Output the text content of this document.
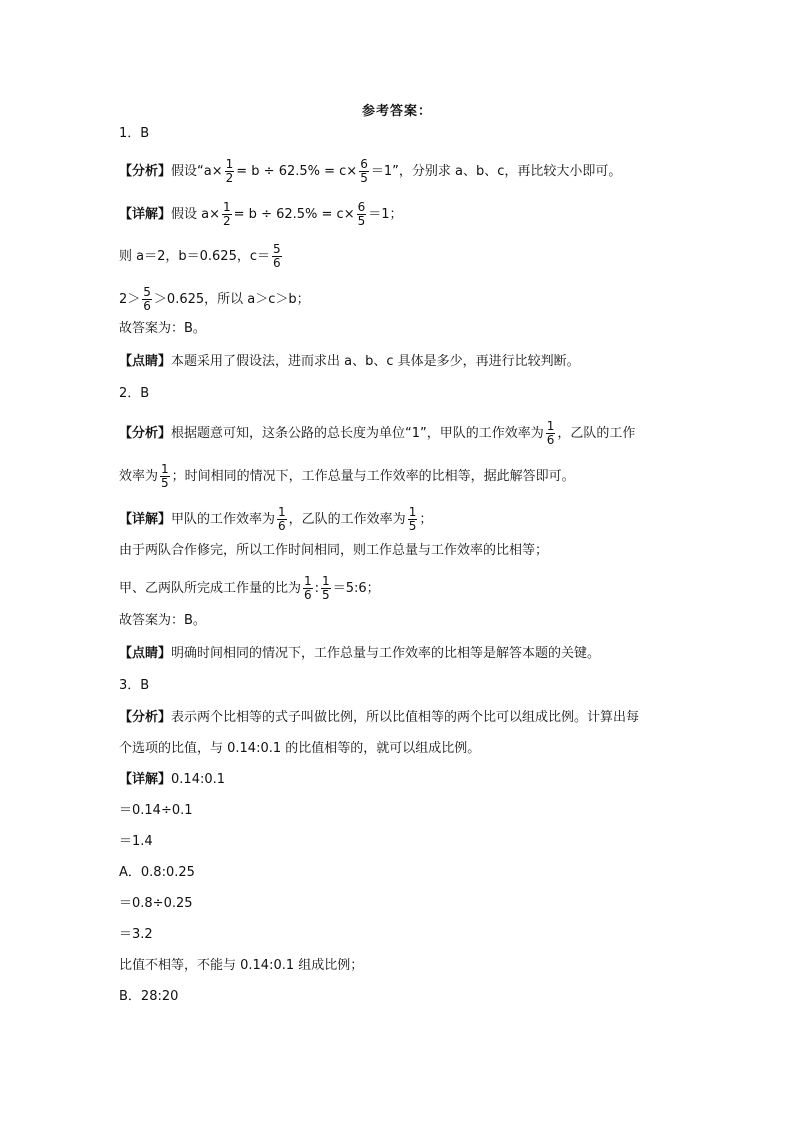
参考答案：
1．B
【分析】假设“$a\times \frac{1}{2} = b \div 62.5\% = c\times \frac{6}{5} =1$”，分别求 a、b、c，再比较大小即可。
【详解】假设 $a\times \frac{1}{2} = b \div 62.5\% = c\times \frac{6}{5} =1$；
则 a＝2，b＝0.625，$c= \frac{5}{6}$
$2> \frac{5}{6} >0.625$，所以 a＞c＞b；
故答案为：B。
【点睛】本题采用了假设法，进而求出 a、b、c 具体是多少，再进行比较判断。
2．B
【分析】根据题意可知，这条公路的总长度为单位“1”，甲队的工作效率为 $\frac{1}{6}$ ，乙队的工作
效率为 $\frac{1}{5}$ ；时间相同的情况下，工作总量与工作效率的比相等，据此解答即可。
【详解】甲队的工作效率为 $\frac{1}{6}$ ，乙队的工作效率为 $\frac{1}{5}$ ；
由于两队合作修完，所以工作时间相同，则工作总量与工作效率的比相等；
甲、乙两队所完成工作量的比为 $\frac{1}{6}$ : $\frac{1}{5}$ ＝5:6；
故答案为：B。
【点睛】明确时间相同的情况下，工作总量与工作效率的比相等是解答本题的关键。
3．B
【分析】表示两个比相等的式子叫做比例，所以比值相等的两个比可以组成比例。计算出每
个选项的比值，与 0.14:0.1 的比值相等的，就可以组成比例。
【详解】0.14:0.1
＝0.14÷0.1
＝1.4
A．0.8:0.25
＝0.8÷0.25
＝3.2
比值不相等，不能与 0.14:0.1 组成比例；
B．28:20
